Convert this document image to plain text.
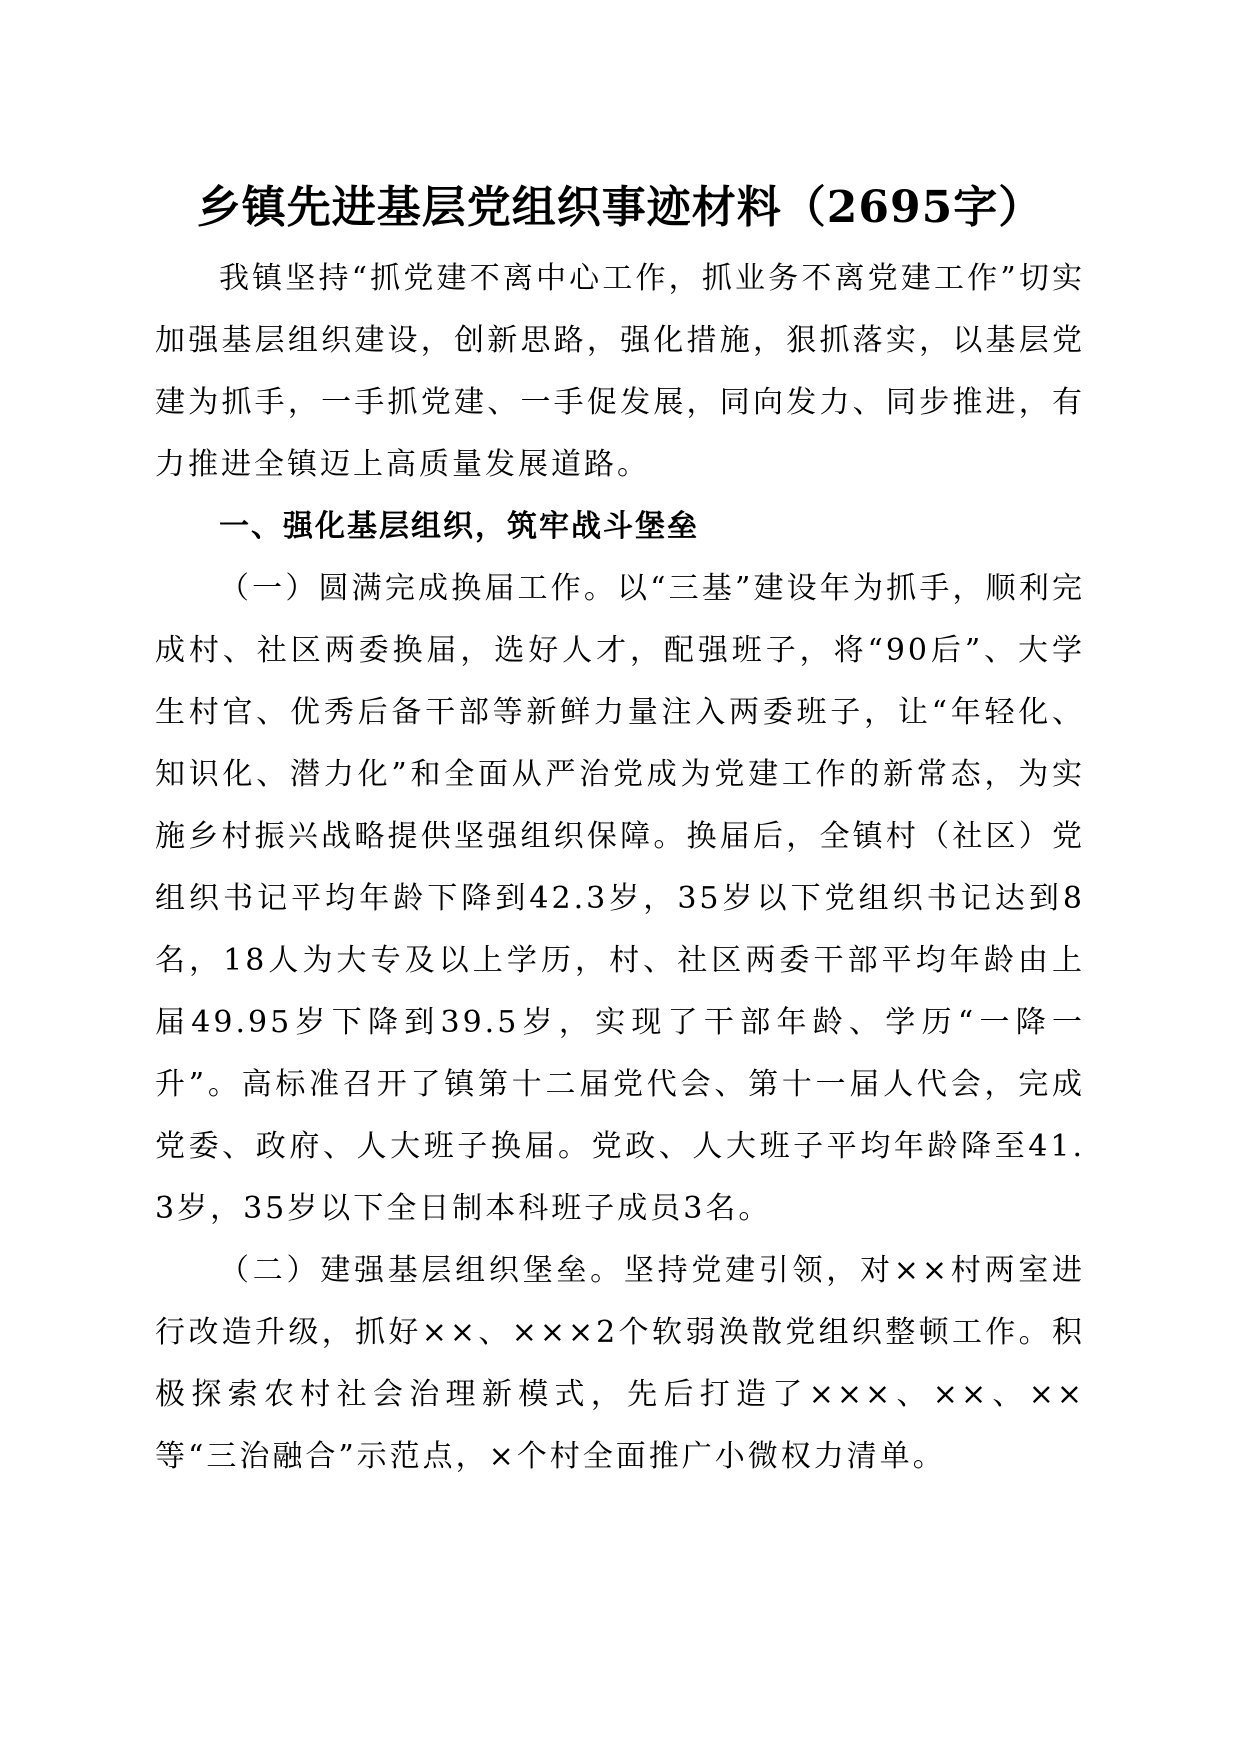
乡镇先进基层党组织事迹材料（2695字）

我镇坚持“抓党建不离中心工作，抓业务不离党建工作”切实加强基层组织建设，创新思路，强化措施，狠抓落实，以基层党建为抓手，一手抓党建、一手促发展，同向发力、同步推进，有力推进全镇迈上高质量发展道路。

一、强化基层组织，筑牢战斗堡垒

（一）圆满完成换届工作。以“三基”建设年为抓手，顺利完成村、社区两委换届，选好人才，配强班子，将“90后”、大学生村官、优秀后备干部等新鲜力量注入两委班子，让“年轻化、知识化、潜力化”和全面从严治党成为党建工作的新常态，为实施乡村振兴战略提供坚强组织保障。换届后，全镇村（社区）党组织书记平均年龄下降到42.3岁，35岁以下党组织书记达到8名，18人为大专及以上学历，村、社区两委干部平均年龄由上届49.95岁下降到39.5岁，实现了干部年龄、学历“一降一升”。高标准召开了镇第十二届党代会、第十一届人代会，完成党委、政府、人大班子换届。党政、人大班子平均年龄降至41.3岁，35岁以下全日制本科班子成员3名。

（二）建强基层组织堡垒。坚持党建引领，对××村两室进行改造升级，抓好××、×××2个软弱涣散党组织整顿工作。积极探索农村社会治理新模式，先后打造了×××、××、××等“三治融合”示范点，×个村全面推广小微权力清单。
